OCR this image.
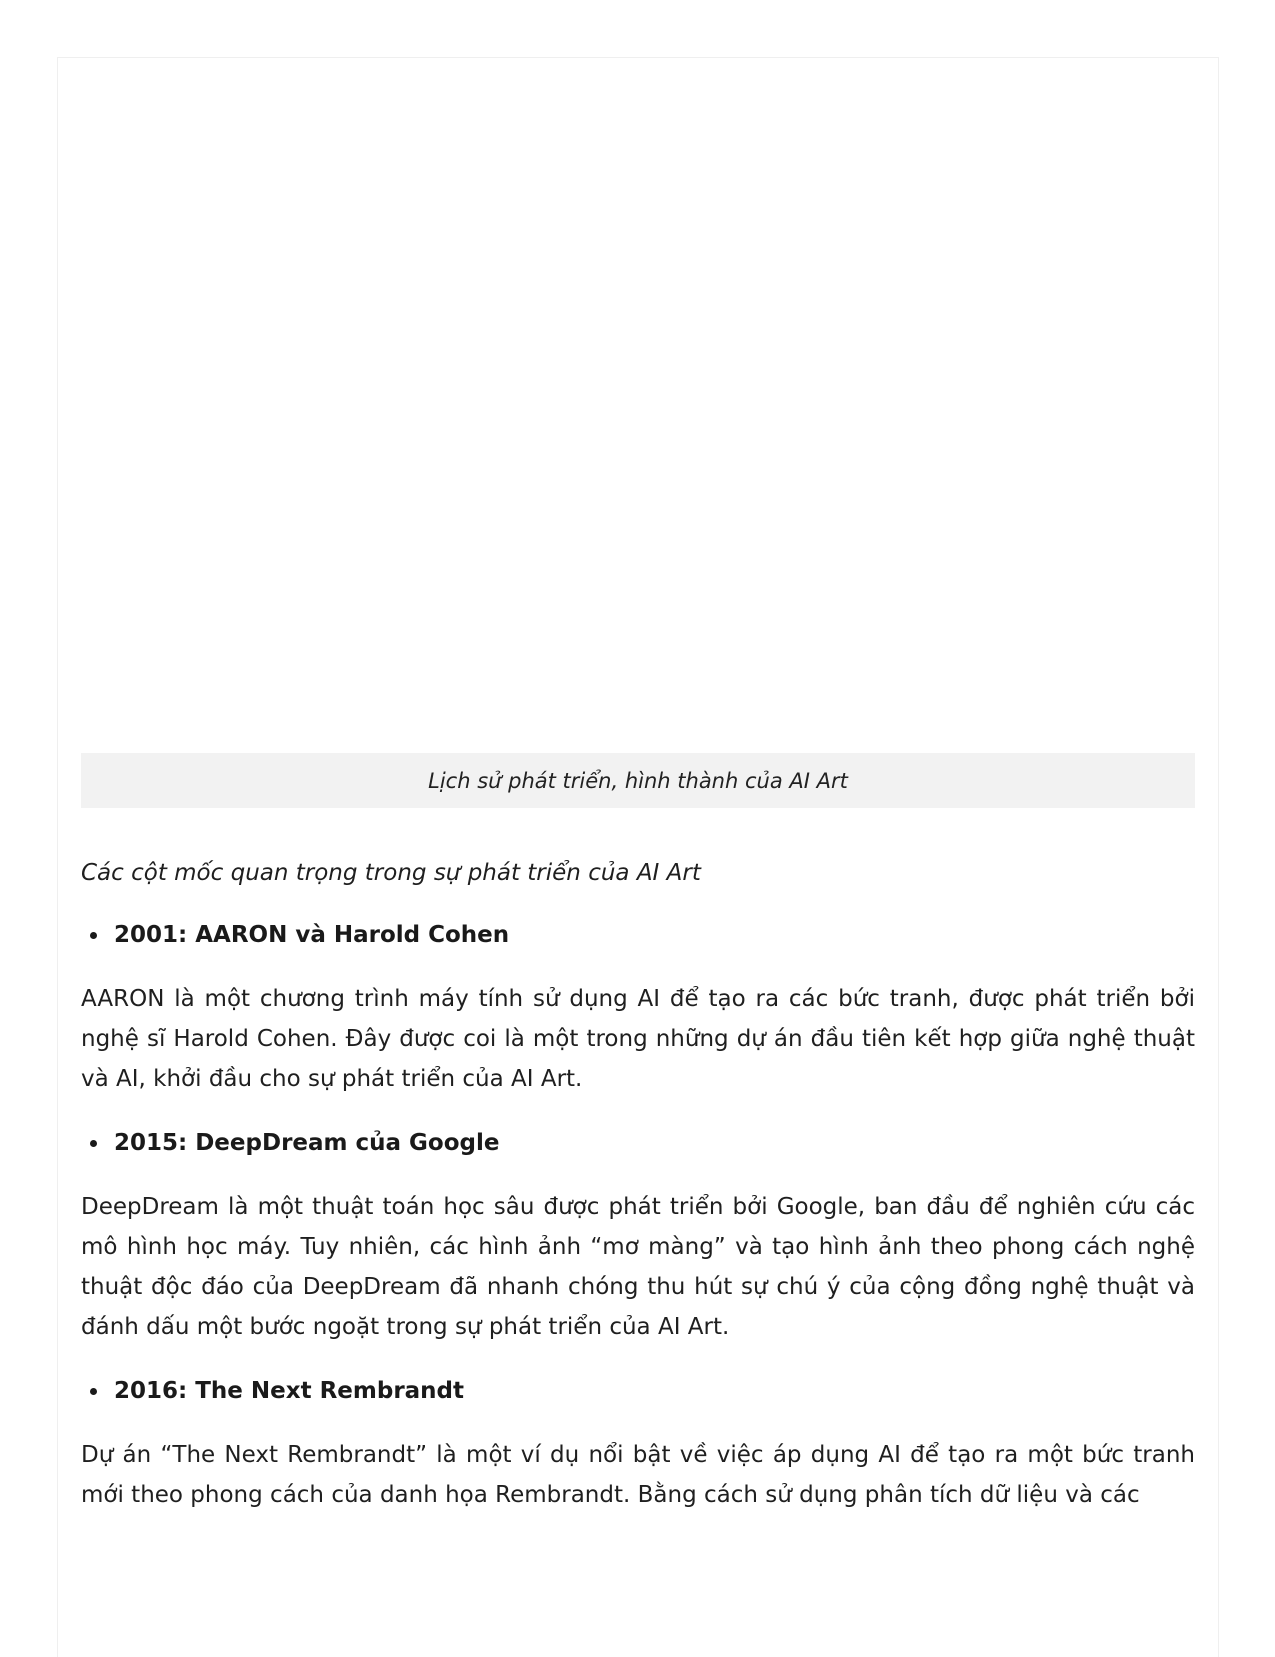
Lịch sử phát triển, hình thành của AI Art

Các cột mốc quan trọng trong sự phát triển của AI Art

2001: AARON và Harold Cohen

AARON là một chương trình máy tính sử dụng AI để tạo ra các bức tranh, được phát triển bởi nghệ sĩ Harold Cohen. Đây được coi là một trong những dự án đầu tiên kết hợp giữa nghệ thuật và AI, khởi đầu cho sự phát triển của AI Art.

2015: DeepDream của Google

DeepDream là một thuật toán học sâu được phát triển bởi Google, ban đầu để nghiên cứu các mô hình học máy. Tuy nhiên, các hình ảnh “mơ màng” và tạo hình ảnh theo phong cách nghệ thuật độc đáo của DeepDream đã nhanh chóng thu hút sự chú ý của cộng đồng nghệ thuật và đánh dấu một bước ngoặt trong sự phát triển của AI Art.

2016: The Next Rembrandt

Dự án “The Next Rembrandt” là một ví dụ nổi bật về việc áp dụng AI để tạo ra một bức tranh mới theo phong cách của danh họa Rembrandt. Bằng cách sử dụng phân tích dữ liệu và các
